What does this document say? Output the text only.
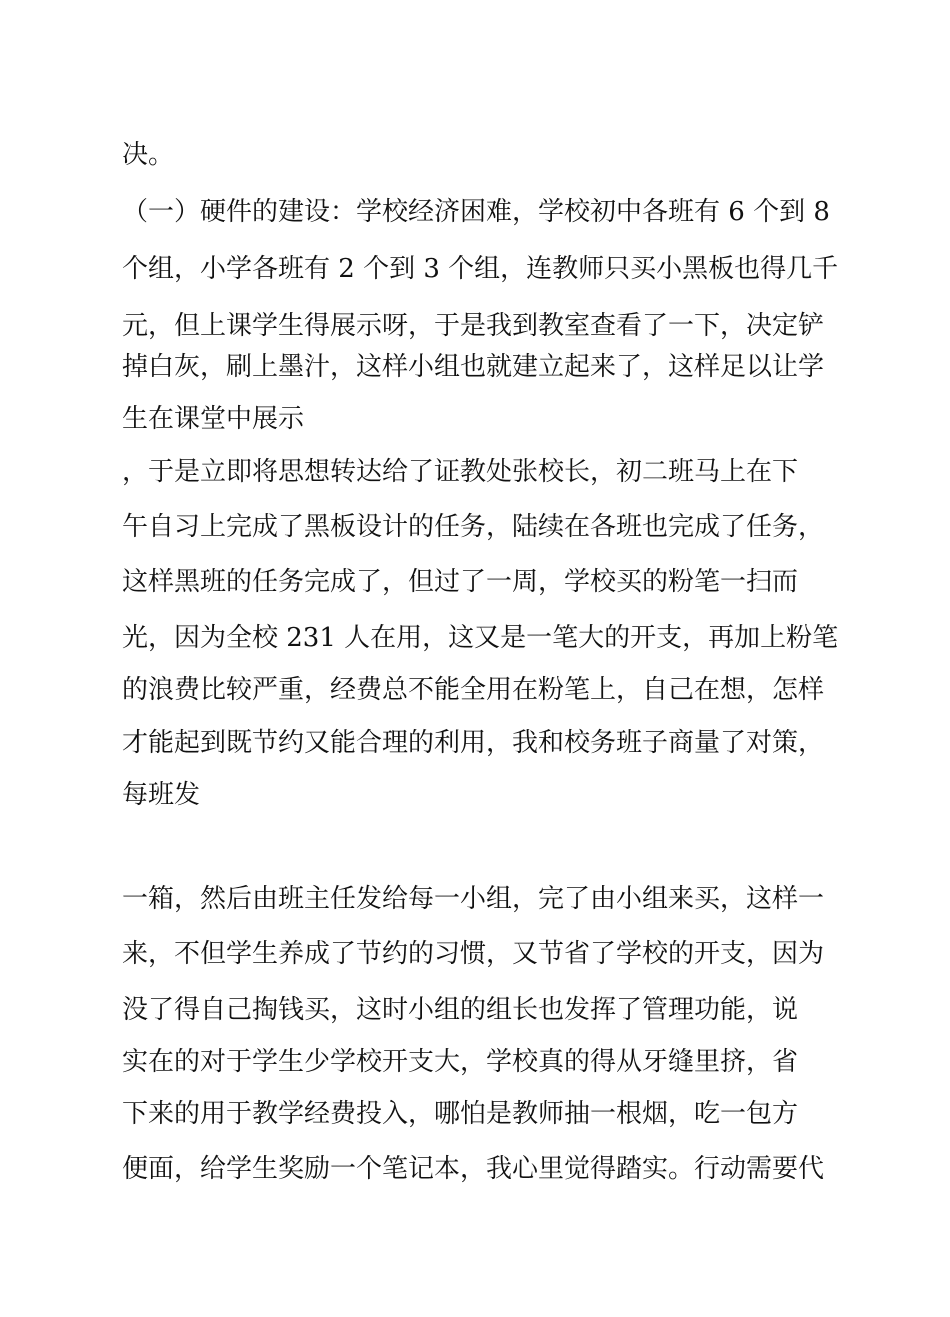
决。
（一）硬件的建设：学校经济困难，学校初中各班有 6 个到 8
个组，小学各班有 2 个到 3 个组，连教师只买小黑板也得几千
元，但上课学生得展示呀，于是我到教室查看了一下，决定铲
掉白灰，刷上墨汁，这样小组也就建立起来了，这样足以让学
生在课堂中展示
，于是立即将思想转达给了证教处张校长，初二班马上在下
午自习上完成了黑板设计的任务，陆续在各班也完成了任务，
这样黑班的任务完成了，但过了一周，学校买的粉笔一扫而
光，因为全校 231 人在用，这又是一笔大的开支，再加上粉笔
的浪费比较严重，经费总不能全用在粉笔上，自己在想，怎样
才能起到既节约又能合理的利用，我和校务班子商量了对策，
每班发
一箱，然后由班主任发给每一小组，完了由小组来买，这样一
来，不但学生养成了节约的习惯，又节省了学校的开支，因为
没了得自己掏钱买，这时小组的组长也发挥了管理功能，说
实在的对于学生少学校开支大，学校真的得从牙缝里挤，省
下来的用于教学经费投入，哪怕是教师抽一根烟，吃一包方
便面，给学生奖励一个笔记本，我心里觉得踏实。行动需要代
